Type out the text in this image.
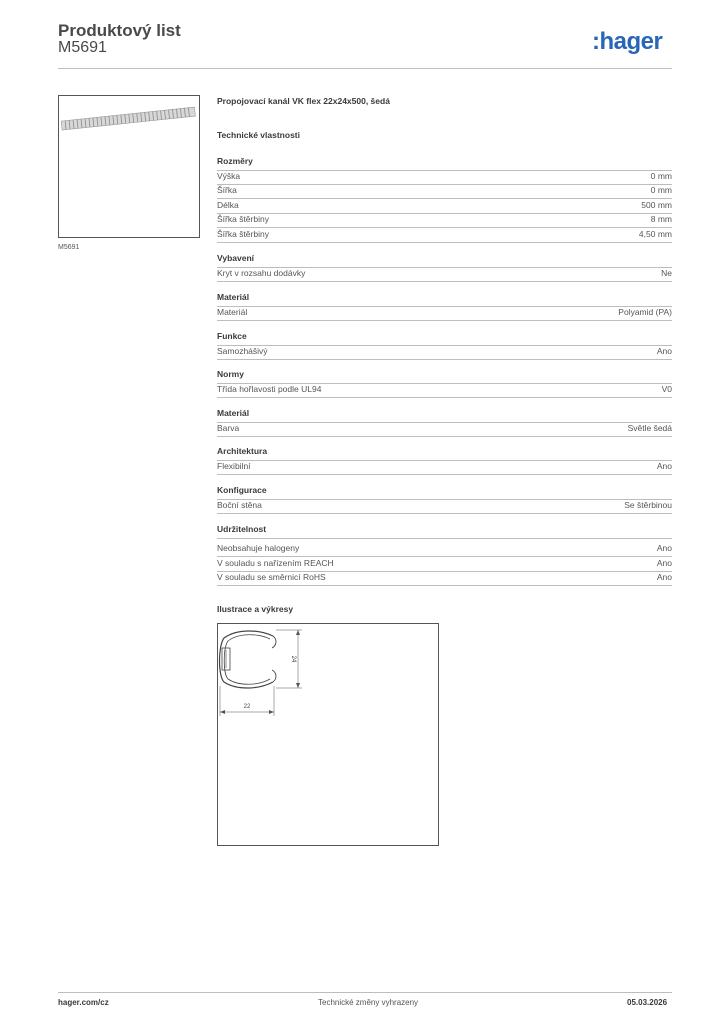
Produktový list
M5691	:hager
M5691
Propojovací kanál VK flex 22x24x500, šedá
Technické vlastnosti
Rozměry
Výška	0 mm
Šířka	0 mm
Délka	500 mm
Šířka štěrbiny	8 mm
Šířka štěrbiny	4,50 mm
Vybavení
Kryt v rozsahu dodávky	Ne
Materiál
Materiál	Polyamid (PA)
Funkce
Samozhášivý	Ano
Normy
Třída hořlavosti podle UL94	V0
Materiál
Barva	Světle šedá
Architektura
Flexibilní	Ano
Konfigurace
Boční stěna	Se štěrbinou
Udržitelnost
Neobsahuje halogeny	Ano
V souladu s nařízením REACH	Ano
V souladu se směrnicí RoHS	Ano
Ilustrace a výkresy
24
22
hager.com/cz	Technické změny vyhrazeny	05.03.2026
